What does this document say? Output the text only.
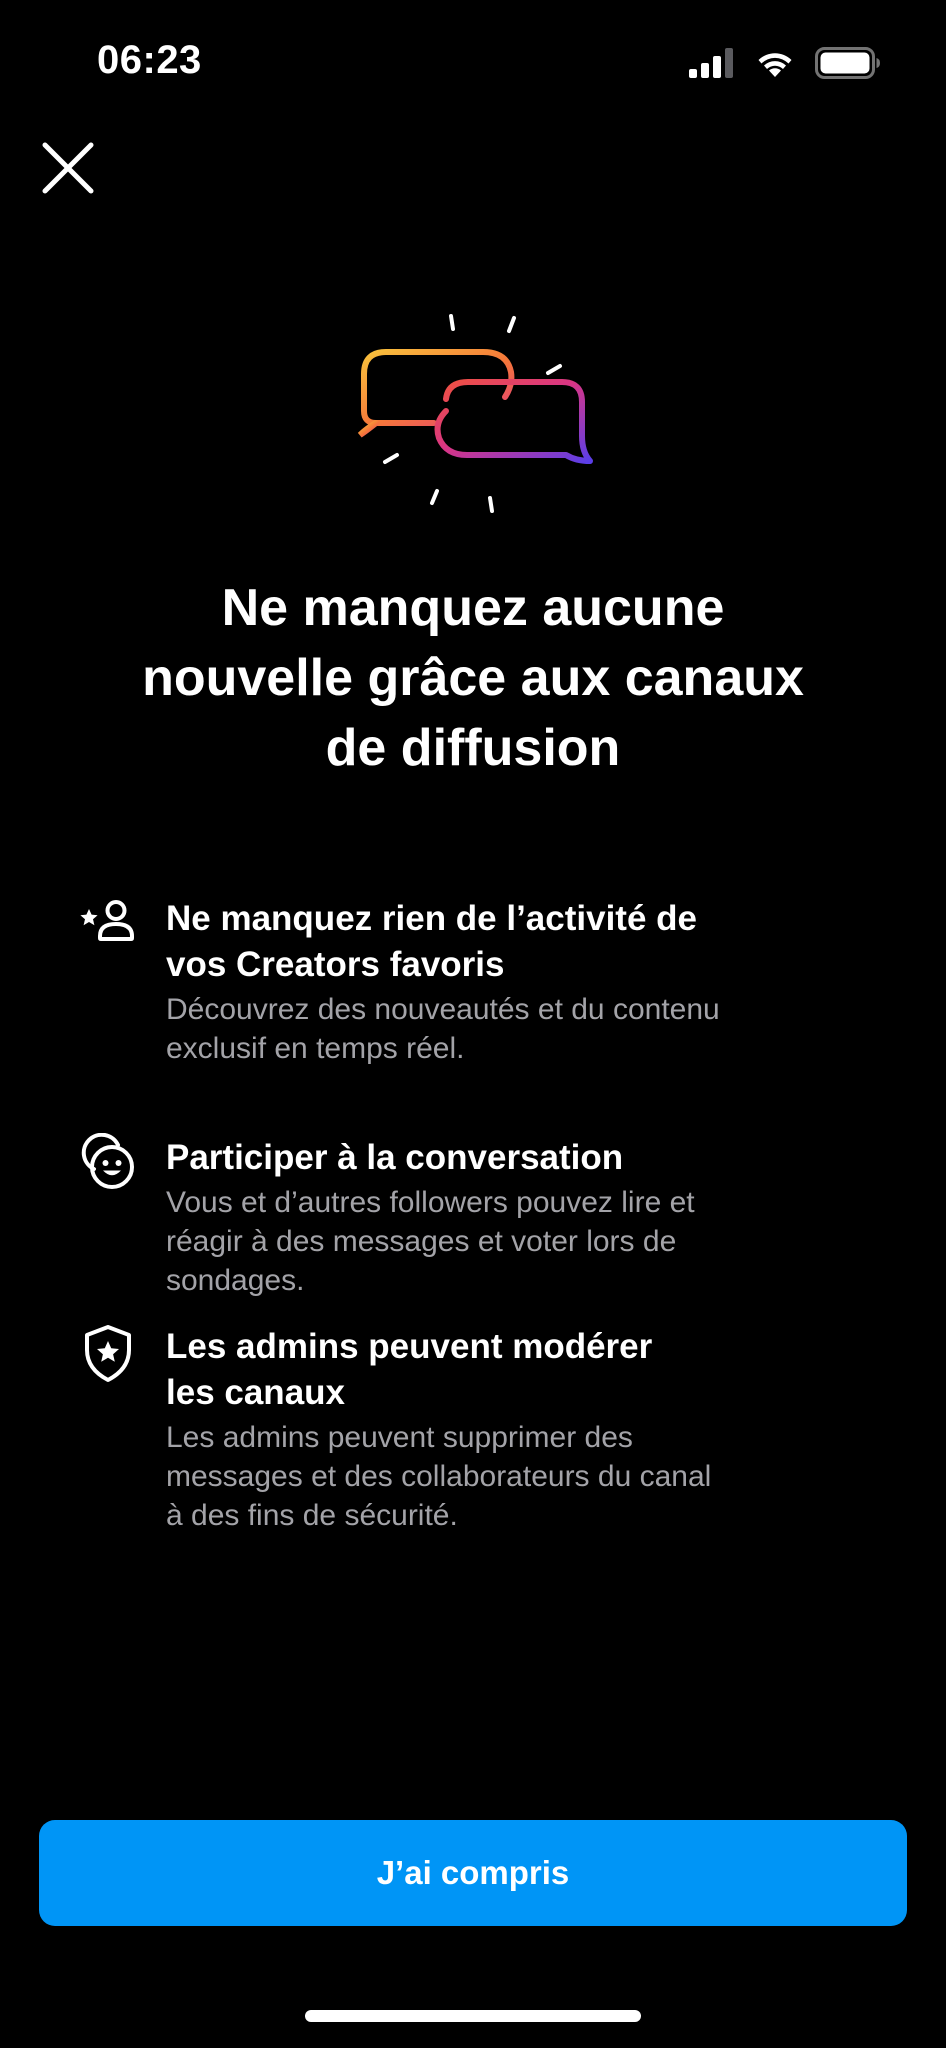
06:23
Ne manquez aucune
nouvelle grâce aux canaux
de diffusion

Ne manquez rien de l’activité de
vos Creators favoris

Découvrez des nouveautés et du contenu
exclusif en temps réel.

Participer à la conversation

Vous et d’autres followers pouvez lire et
réagir à des messages et voter lors de
sondages.

Les admins peuvent modérer
les canaux

Les admins peuvent supprimer des
messages et des collaborateurs du canal
à des fins de sécurité.

J’ai compris
